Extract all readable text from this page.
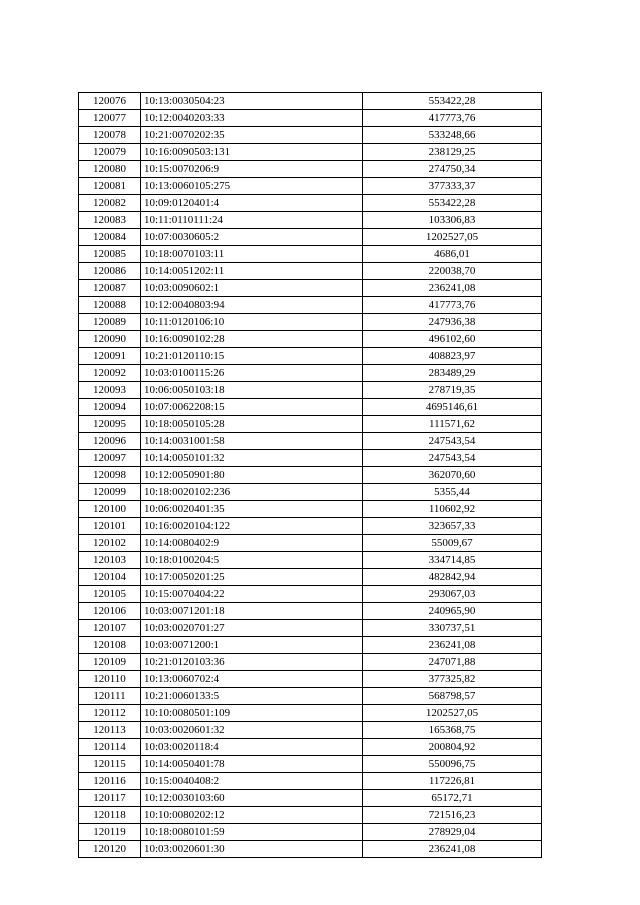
120076	10:13:0030504:23	553422,28
120077	10:12:0040203:33	417773,76
120078	10:21:0070202:35	533248,66
120079	10:16:0090503:131	238129,25
120080	10:15:0070206:9	274750,34
120081	10:13:0060105:275	377333,37
120082	10:09:0120401:4	553422,28
120083	10:11:0110111:24	103306,83
120084	10:07:0030605:2	1202527,05
120085	10:18:0070103:11	4686,01
120086	10:14:0051202:11	220038,70
120087	10:03:0090602:1	236241,08
120088	10:12:0040803:94	417773,76
120089	10:11:0120106:10	247936,38
120090	10:16:0090102:28	496102,60
120091	10:21:0120110:15	408823,97
120092	10:03:0100115:26	283489,29
120093	10:06:0050103:18	278719,35
120094	10:07:0062208:15	4695146,61
120095	10:18:0050105:28	111571,62
120096	10:14:0031001:58	247543,54
120097	10:14:0050101:32	247543,54
120098	10:12:0050901:80	362070,60
120099	10:18:0020102:236	5355,44
120100	10:06:0020401:35	110602,92
120101	10:16:0020104:122	323657,33
120102	10:14:0080402:9	55009,67
120103	10:18:0100204:5	334714,85
120104	10:17:0050201:25	482842,94
120105	10:15:0070404:22	293067,03
120106	10:03:0071201:18	240965,90
120107	10:03:0020701:27	330737,51
120108	10:03:0071200:1	236241,08
120109	10:21:0120103:36	247071,88
120110	10:13:0060702:4	377325,82
120111	10:21:0060133:5	568798,57
120112	10:10:0080501:109	1202527,05
120113	10:03:0020601:32	165368,75
120114	10:03:0020118:4	200804,92
120115	10:14:0050401:78	550096,75
120116	10:15:0040408:2	117226,81
120117	10:12:0030103:60	65172,71
120118	10:10:0080202:12	721516,23
120119	10:18:0080101:59	278929,04
120120	10:03:0020601:30	236241,08
